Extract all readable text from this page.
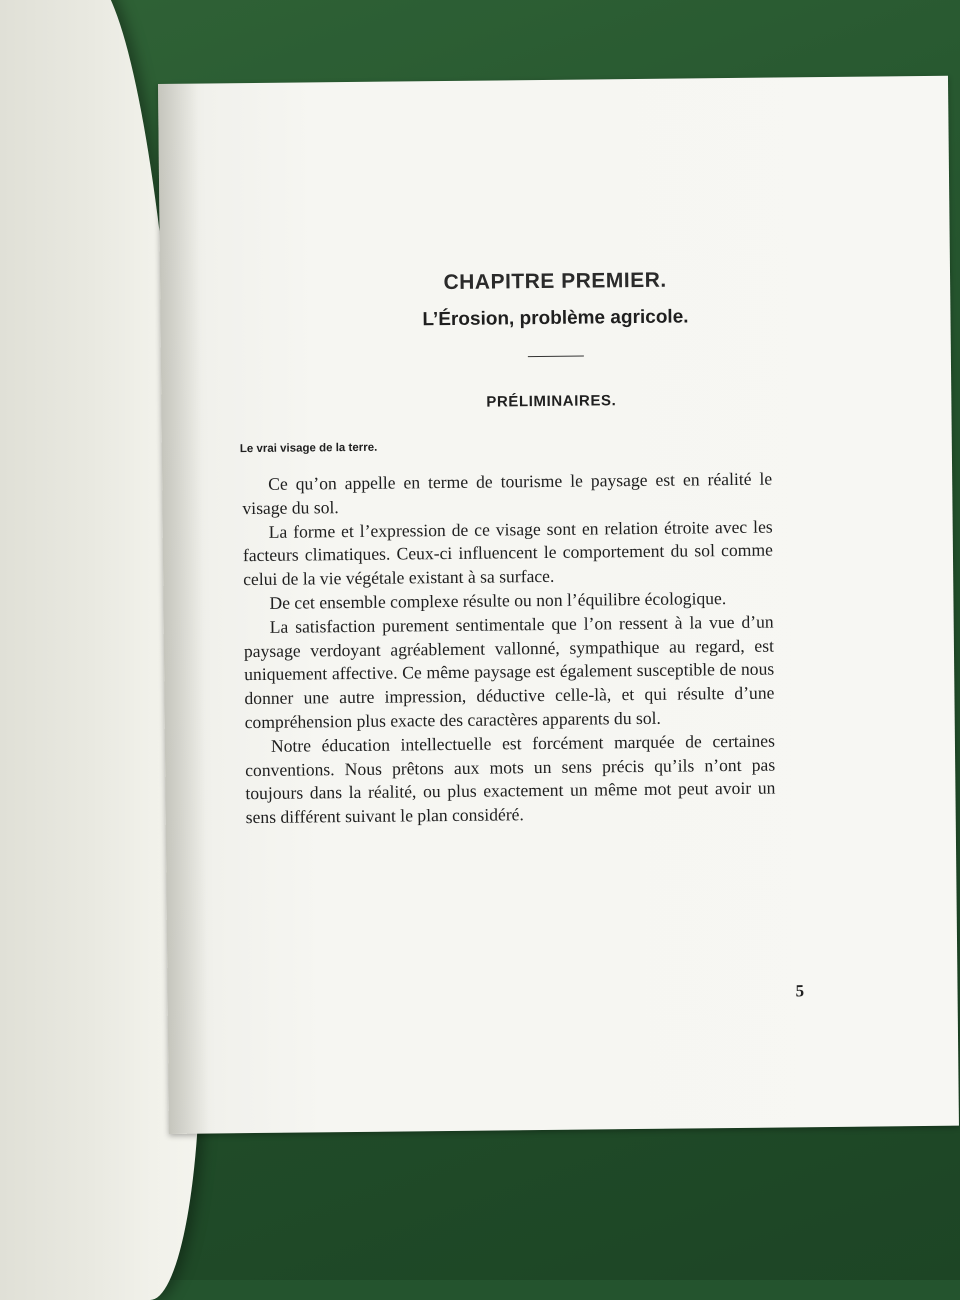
CHAPITRE PREMIER.
L’Érosion, problème agricole.
PRÉLIMINAIRES.
Le vrai visage de la terre.

Ce qu’on appelle en terme de tourisme le paysage est en réalité le visage du sol.

La forme et l’expression de ce visage sont en relation étroite avec les facteurs climatiques. Ceux-ci influencent le comportement du sol comme celui de la vie végétale existant à sa surface.

De cet ensemble complexe résulte ou non l’équilibre écologique.

La satisfaction purement sentimentale que l’on ressent à la vue d’un paysage verdoyant agréablement vallonné, sympathique au regard, est uniquement affective. Ce même paysage est également susceptible de nous donner une autre impression, déductive celle-là, et qui résulte d’une compréhension plus exacte des caractères apparents du sol.

Notre éducation intellectuelle est forcément marquée de certaines conventions. Nous prêtons aux mots un sens précis qu’ils n’ont pas toujours dans la réalité, ou plus exactement un même mot peut avoir un sens différent suivant le plan considéré.

5
